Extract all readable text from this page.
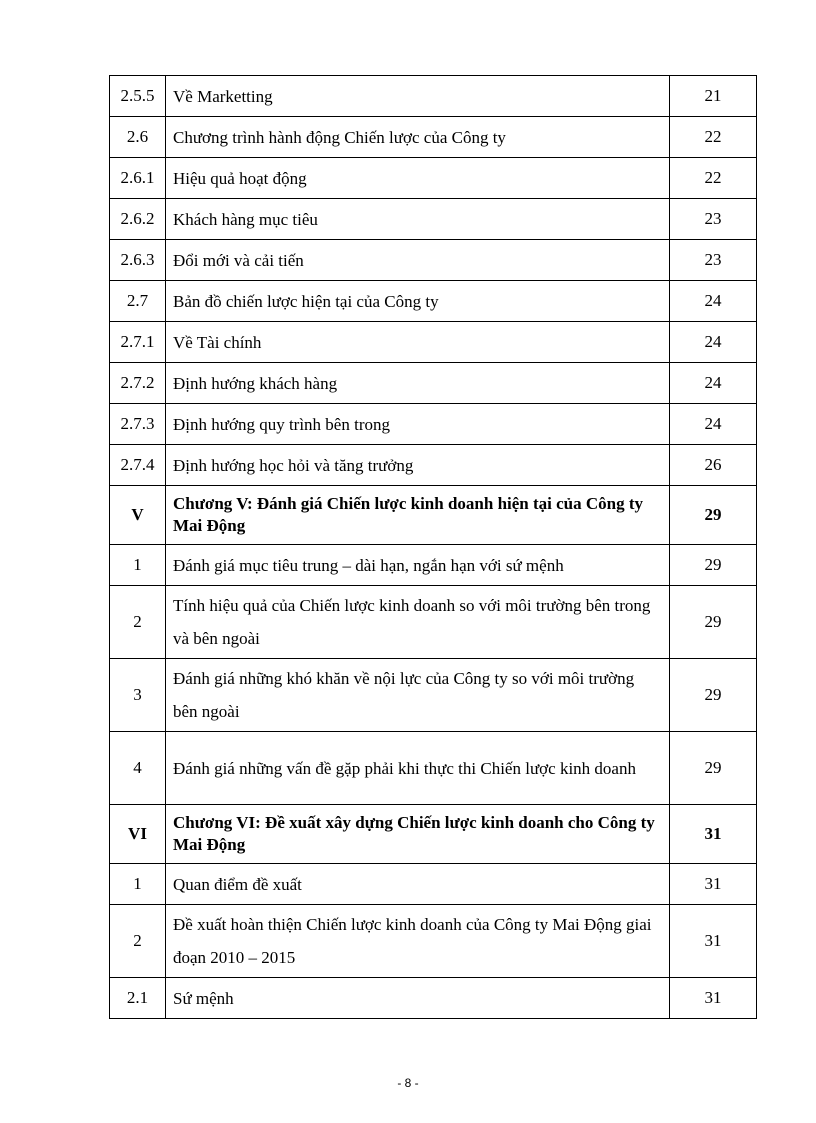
2.5.5	Về Marketting	21
2.6	Chương trình hành động Chiến lược của Công ty	22
2.6.1	Hiệu quả hoạt động	22
2.6.2	Khách hàng mục tiêu	23
2.6.3	Đổi mới và cải tiến	23
2.7	Bản đồ chiến lược hiện tại của Công ty	24
2.7.1	Về Tài chính	24
2.7.2	Định hướng khách hàng	24
2.7.3	Định hướng quy trình bên trong	24
2.7.4	Định hướng học hỏi và tăng trưởng	26
V	Chương V: Đánh giá Chiến lược kinh doanh hiện tại của Công ty Mai Động	29
1	Đánh giá mục tiêu trung – dài hạn, ngắn hạn với sứ mệnh	29
2	Tính hiệu quả của Chiến lược kinh doanh so với môi trường bên trong và bên ngoài	29
3	Đánh giá những khó khăn về nội lực của Công ty so với môi trường bên ngoài	29
4	Đánh giá những vấn đề gặp phải khi thực thi Chiến lược kinh doanh	29
VI	Chương VI: Đề xuất xây dựng Chiến lược kinh doanh cho Công ty Mai Động	31
1	Quan điểm đề xuất	31
2	Đề xuất hoàn thiện Chiến lược kinh doanh của Công ty Mai Động giai đoạn 2010 – 2015	31
2.1	Sứ mệnh	31
- 8 -
